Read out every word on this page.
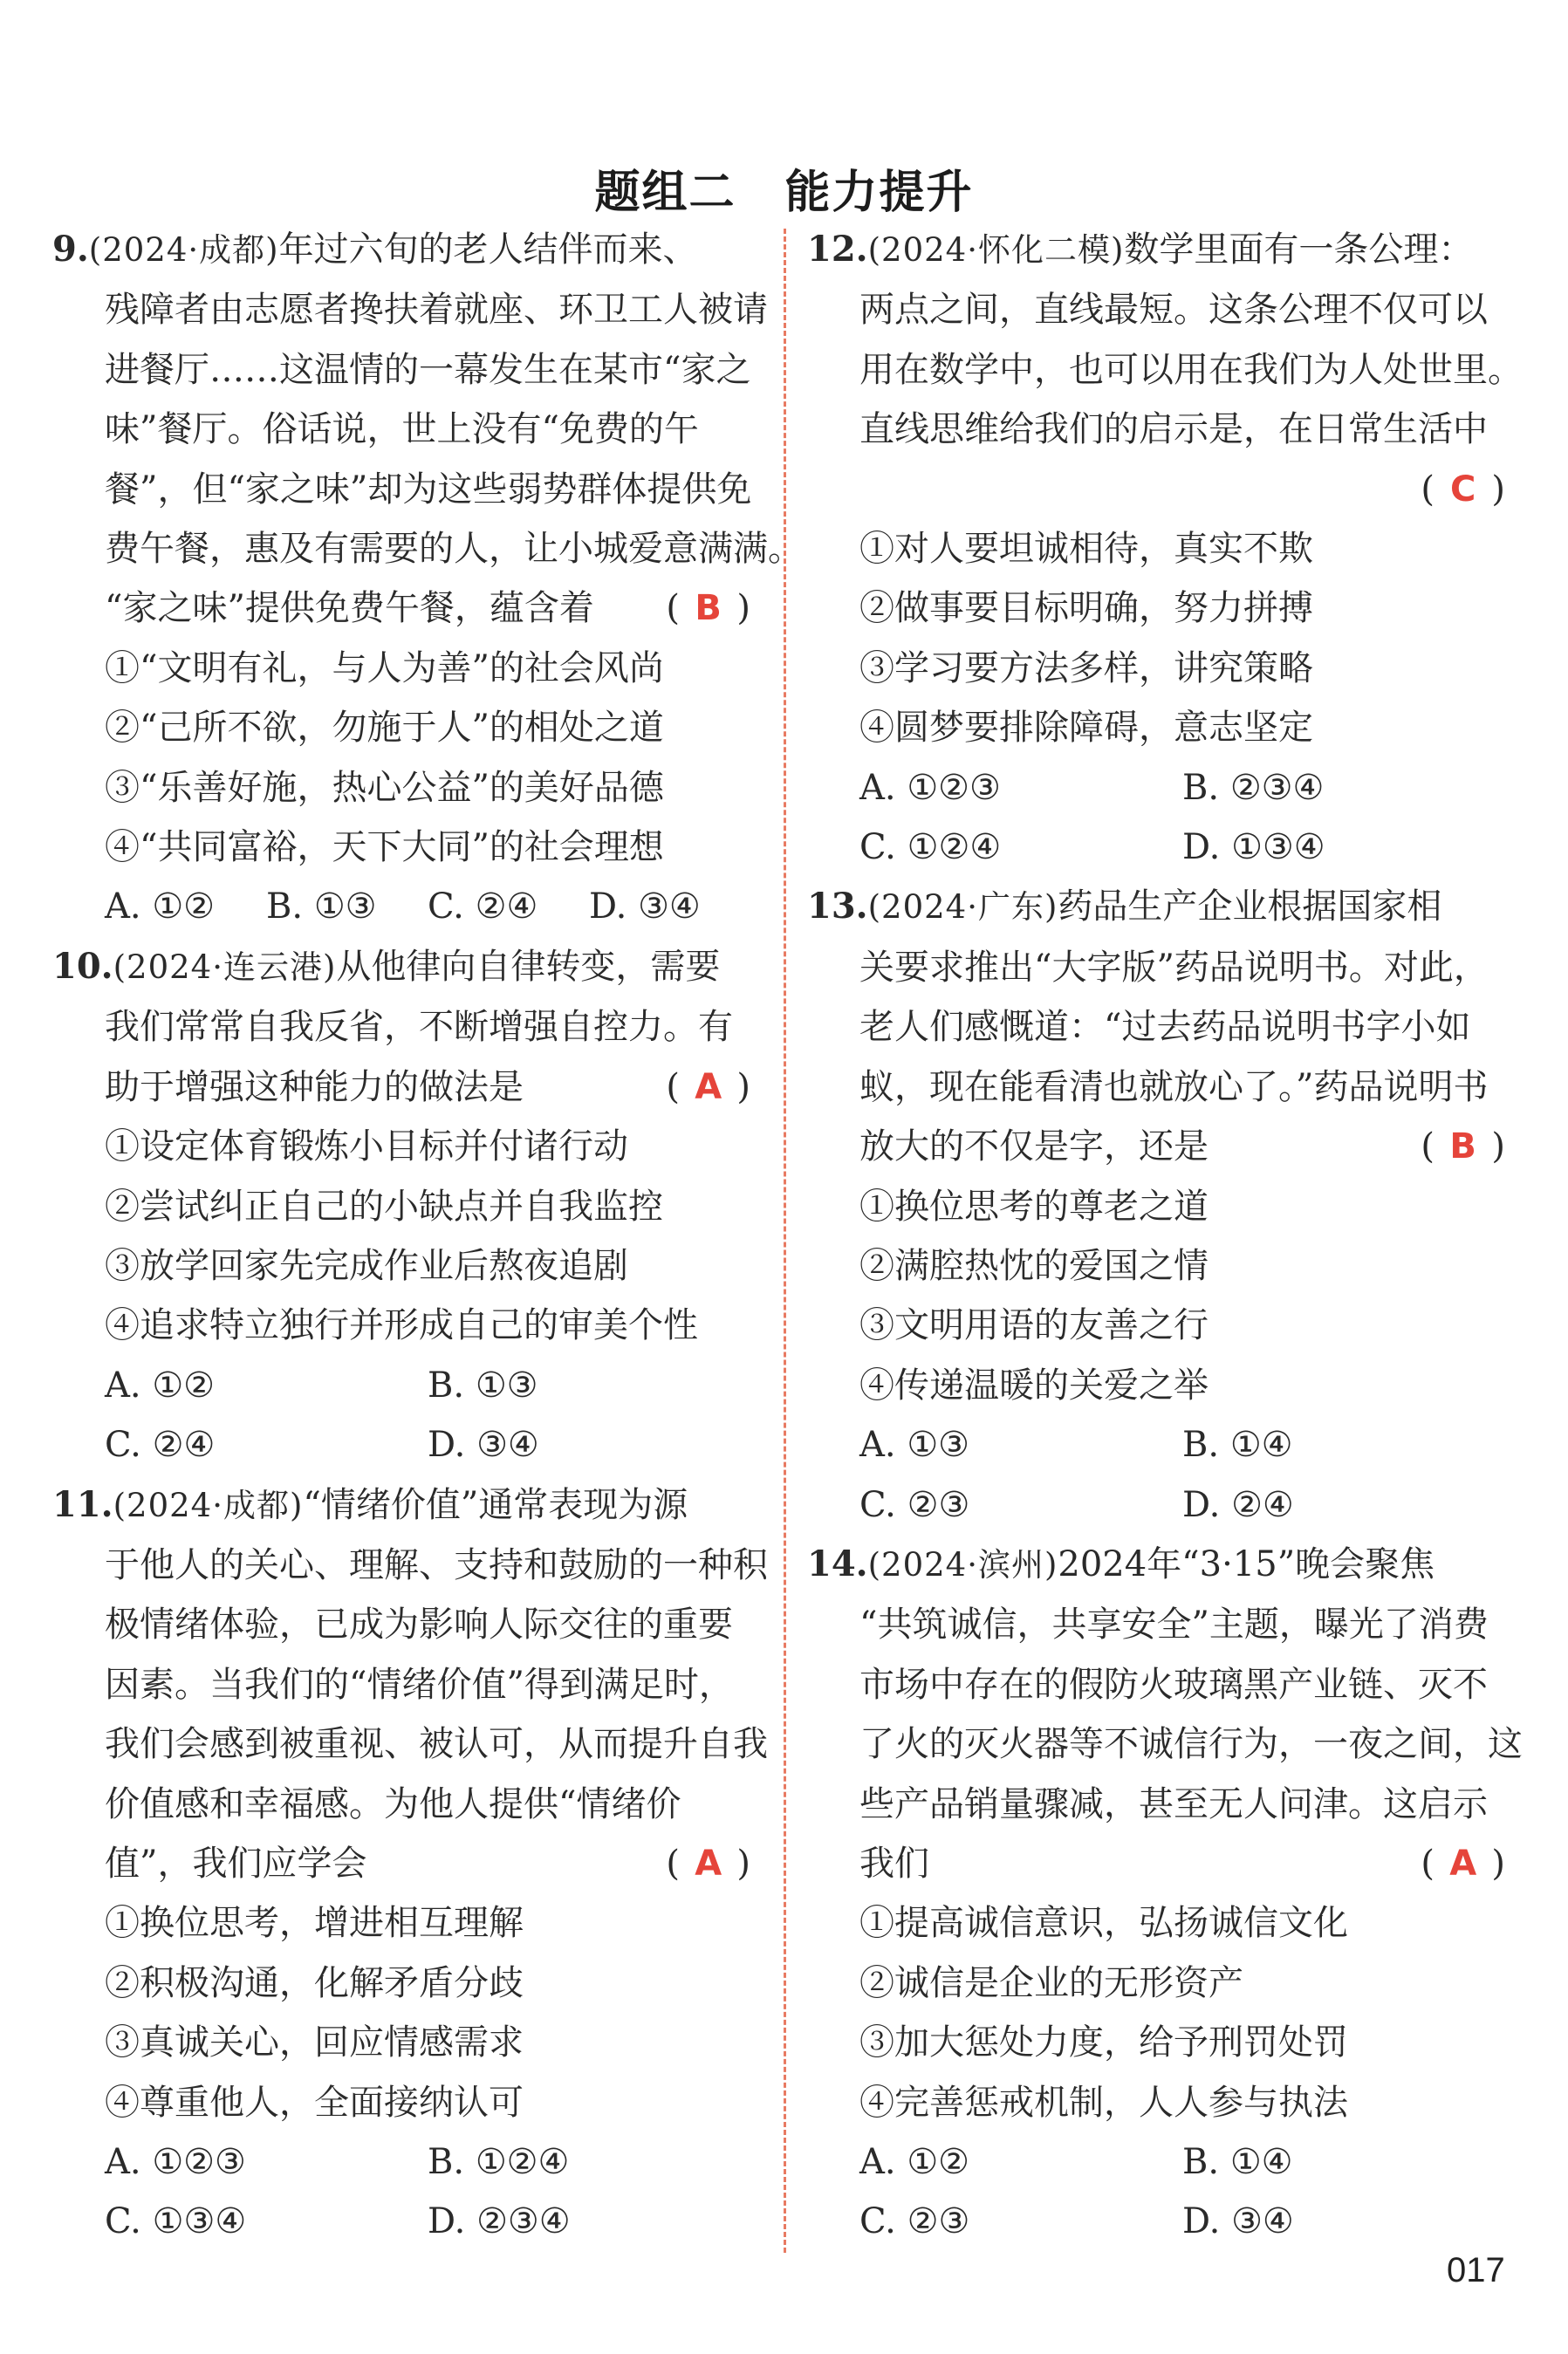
题组二 能力提升
9.(2024·成都)年过六旬的老人结伴而来、
残障者由志愿者搀扶着就座、环卫工人被请
进餐厅……这温情的一幕发生在某市“家之
味”餐厅。俗话说，世上没有“免费的午
餐”，但“家之味”却为这些弱势群体提供免
费午餐，惠及有需要的人，让小城爱意满满。
“家之味”提供免费午餐，蕴含着 ( B )
①“文明有礼，与人为善”的社会风尚
②“己所不欲，勿施于人”的相处之道
③“乐善好施，热心公益”的美好品德
④“共同富裕，天下大同”的社会理想
A. ①②	B. ①③	C. ②④	D. ③④
10.(2024·连云港)从他律向自律转变，需要
我们常常自我反省，不断增强自控力。有
助于增强这种能力的做法是	( A )
①设定体育锻炼小目标并付诸行动
②尝试纠正自己的小缺点并自我监控
③放学回家先完成作业后熬夜追剧
④追求特立独行并形成自己的审美个性
A. ①②	B. ①③
C. ②④	D. ③④
11.(2024·成都)“情绪价值”通常表现为源
于他人的关心、理解、支持和鼓励的一种积
极情绪体验，已成为影响人际交往的重要
因素。当我们的“情绪价值”得到满足时，
我们会感到被重视、被认可，从而提升自我
价值感和幸福感。为他人提供“情绪价
值”，我们应学会	( A )
①换位思考，增进相互理解
②积极沟通，化解矛盾分歧
③真诚关心，回应情感需求
④尊重他人，全面接纳认可
A. ①②③	B. ①②④
C. ①③④	D. ②③④
12.(2024·怀化二模)数学里面有一条公理：
两点之间，直线最短。这条公理不仅可以
用在数学中，也可以用在我们为人处世里。
直线思维给我们的启示是，在日常生活中
( C )
①对人要坦诚相待，真实不欺
②做事要目标明确，努力拼搏
③学习要方法多样，讲究策略
④圆梦要排除障碍，意志坚定
A. ①②③	B. ②③④
C. ①②④	D. ①③④
13.(2024·广东)药品生产企业根据国家相
关要求推出“大字版”药品说明书。对此，
老人们感慨道：“过去药品说明书字小如
蚁，现在能看清也就放心了。”药品说明书
放大的不仅是字，还是	( B )
①换位思考的尊老之道
②满腔热忱的爱国之情
③文明用语的友善之行
④传递温暖的关爱之举
A. ①③	B. ①④
C. ②③	D. ②④
14.(2024·滨州)2024年“3·15”晚会聚焦
“共筑诚信，共享安全”主题，曝光了消费
市场中存在的假防火玻璃黑产业链、灭不
了火的灭火器等不诚信行为，一夜之间，这
些产品销量骤减，甚至无人问津。这启示
我们	( A )
①提高诚信意识，弘扬诚信文化
②诚信是企业的无形资产
③加大惩处力度，给予刑罚处罚
④完善惩戒机制，人人参与执法
A. ①②	B. ①④
C. ②③	D. ③④
017
